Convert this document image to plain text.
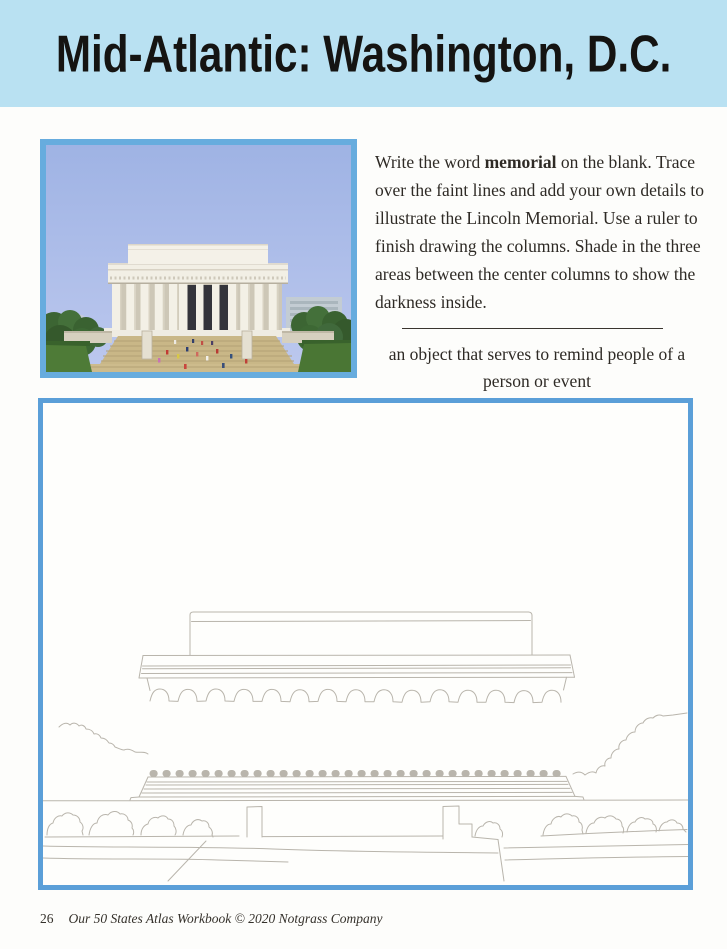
Mid-Atlantic: Washington, D.C.

Write the word memorial on the blank. Trace over the faint lines and add your own details to illustrate the Lincoln Memorial. Use a ruler to finish drawing the columns. Shade in the three areas between the center columns to show the darkness inside.

an object that serves to remind people of a person or event
26 Our 50 States Atlas Workbook © 2020 Notgrass Company
